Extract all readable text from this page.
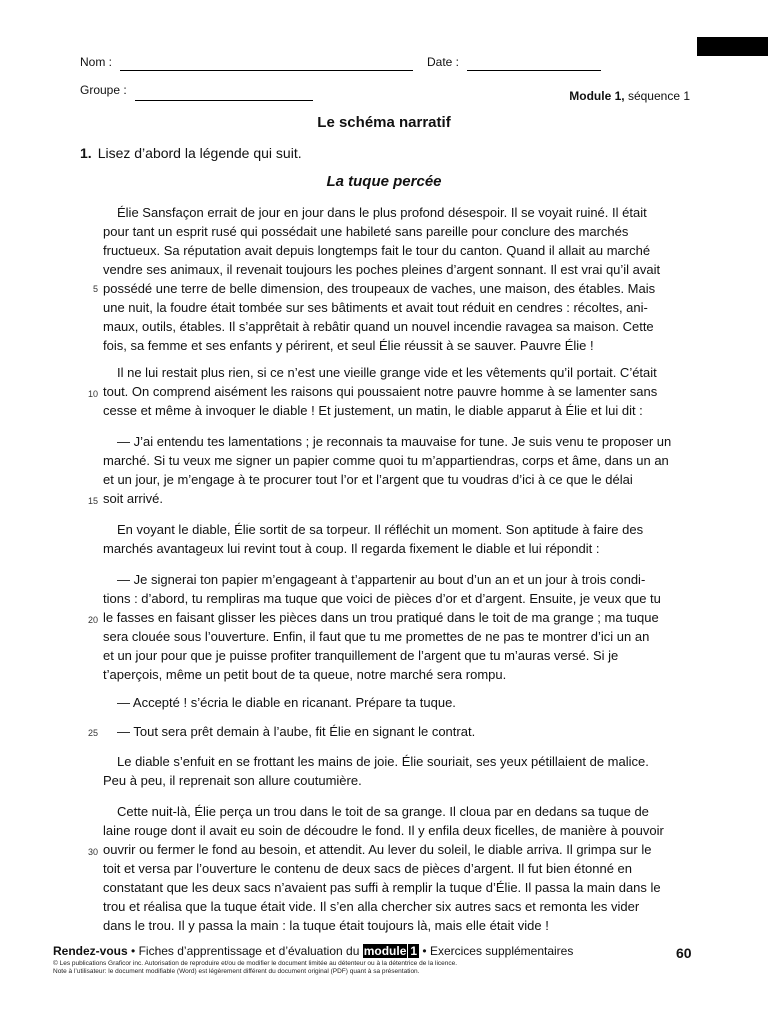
Nom :	Date :
Groupe :	Module 1, séquence 1
Le schéma narratif
1. Lisez d’abord la légende qui suit.
La tuque percée
Élie Sansfaçon errait de jour en jour dans le plus profond désespoir. Il se voyait ruiné. Il était
pour tant un esprit rusé qui possédait une habileté sans pareille pour conclure des marchés
fructueux. Sa réputation avait depuis longtemps fait le tour du canton. Quand il allait au marché
vendre ses animaux, il revenait toujours les poches pleines d’argent sonnant. Il est vrai qu’il avait
possédé une terre de belle dimension, des troupeaux de vaches, une maison, des étables. Mais
une nuit, la foudre était tombée sur ses bâtiments et avait tout réduit en cendres : récoltes, ani-
maux, outils, étables. Il s’apprêtait à rebâtir quand un nouvel incendie ravagea sa maison. Cette
fois, sa femme et ses enfants y périrent, et seul Élie réussit à se sauver. Pauvre Élie !
Il ne lui restait plus rien, si ce n’est une vieille grange vide et les vêtements qu’il portait. C’était
tout. On comprend aisément les raisons qui poussaient notre pauvre homme à se lamenter sans
cesse et même à invoquer le diable ! Et justement, un matin, le diable apparut à Élie et lui dit :
— J’ai entendu tes lamentations ; je reconnais ta mauvaise for tune. Je suis venu te proposer un
marché. Si tu veux me signer un papier comme quoi tu m’appartiendras, corps et âme, dans un an
et un jour, je m’engage à te procurer tout l’or et l’argent que tu voudras d’ici à ce que le délai
soit arrivé.
En voyant le diable, Élie sortit de sa torpeur. Il réfléchit un moment. Son aptitude à faire des
marchés avantageux lui revint tout à coup. Il regarda fixement le diable et lui répondit :
— Je signerai ton papier m’engageant à t’appartenir au bout d’un an et un jour à trois condi-
tions : d’abord, tu rempliras ma tuque que voici de pièces d’or et d’argent. Ensuite, je veux que tu
le fasses en faisant glisser les pièces dans un trou pratiqué dans le toit de ma grange ; ma tuque
sera clouée sous l’ouverture. Enfin, il faut que tu me promettes de ne pas te montrer d’ici un an
et un jour pour que je puisse profiter tranquillement de l’argent que tu m’auras versé. Si je
t’aperçois, même un petit bout de ta queue, notre marché sera rompu.
— Accepté ! s’écria le diable en ricanant. Prépare ta tuque.
— Tout sera prêt demain à l’aube, fit Élie en signant le contrat.
Le diable s’enfuit en se frottant les mains de joie. Élie souriait, ses yeux pétillaient de malice.
Peu à peu, il reprenait son allure coutumière.
Cette nuit-là, Élie perça un trou dans le toit de sa grange. Il cloua par en dedans sa tuque de
laine rouge dont il avait eu soin de découdre le fond. Il y enfila deux ficelles, de manière à pouvoir
ouvrir ou fermer le fond au besoin, et attendit. Au lever du soleil, le diable arriva. Il grimpa sur le
toit et versa par l’ouverture le contenu de deux sacs de pièces d’argent. Il fut bien étonné en
constatant que les deux sacs n’avaient pas suffi à remplir la tuque d’Élie. Il passa la main dans le
trou et réalisa que la tuque était vide. Il s’en alla chercher six autres sacs et remonta les vider
dans le trou. Il y passa la main : la tuque était toujours là, mais elle était vide !
5
10
15
20
25
30
Rendez-vous • Fiches d’apprentissage et d’évaluation du module 1 • Exercices supplémentaires	60
© Les publications Graficor inc. Autorisation de reproduire et/ou de modifier le document limitée au détenteur ou à la détentrice de la licence.
Note à l’utilisateur: le document modifiable (Word) est légèrement différent du document original (PDF) quant à sa présentation.
